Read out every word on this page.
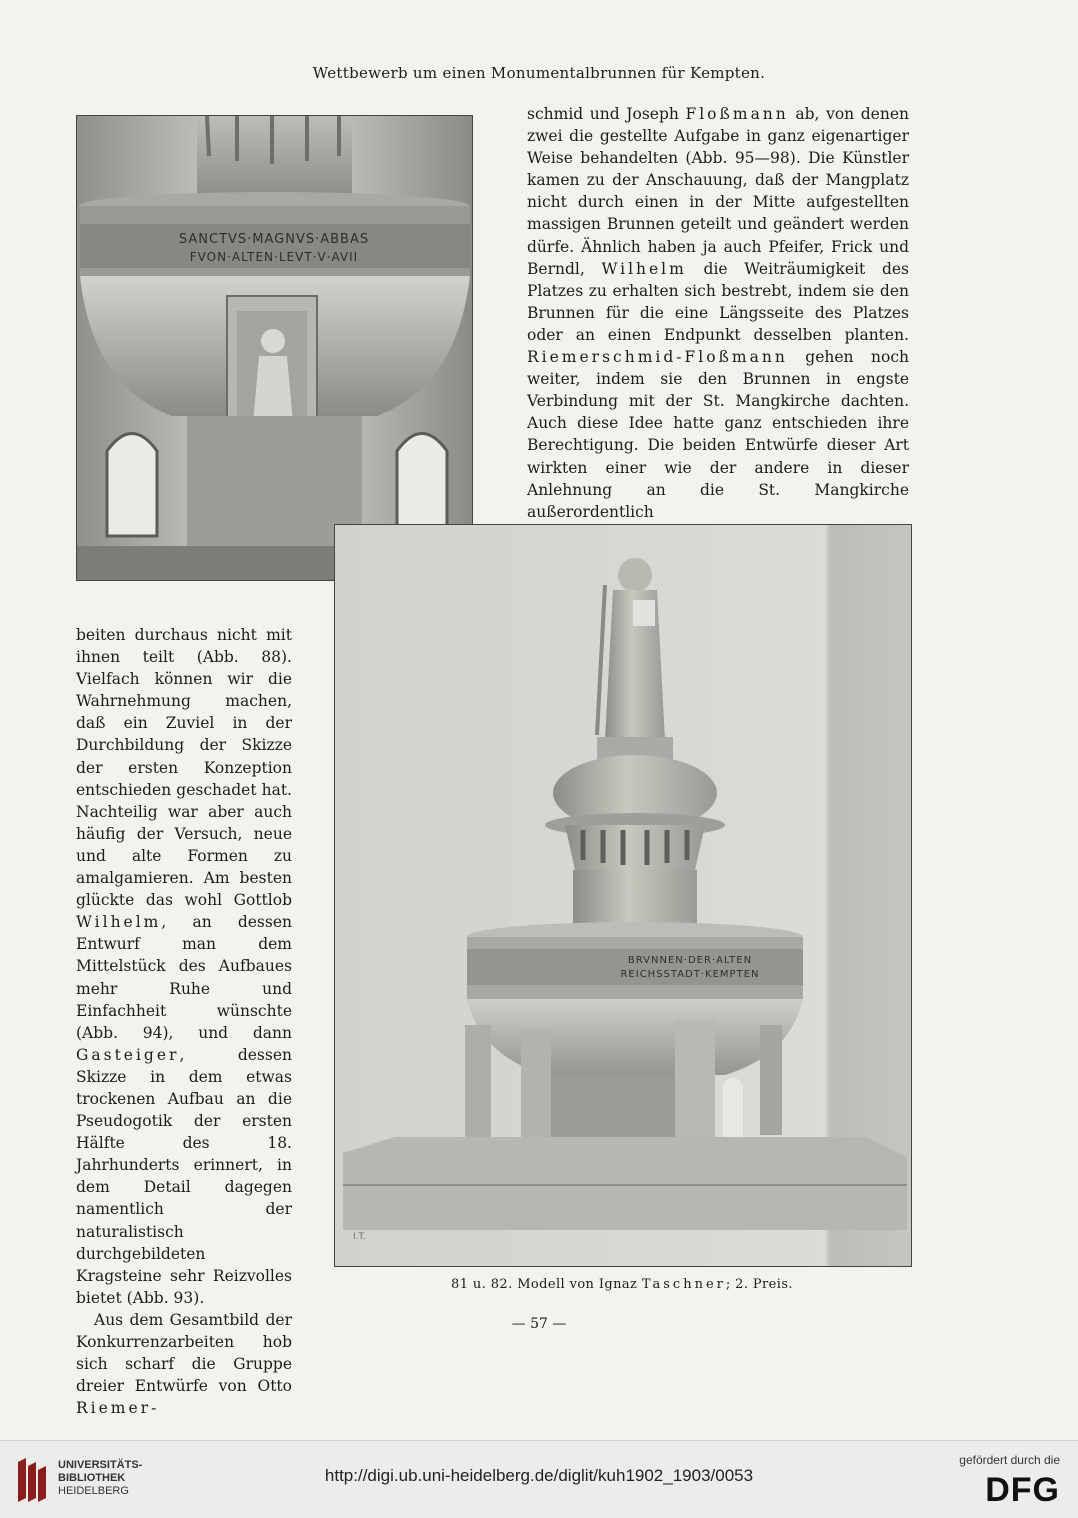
Wettbewerb um einen Monumentalbrunnen für Kempten.
SANCTVS·MAGNVS·ABBAS
FVON·ALTEN·LEVT·V·AVII

schmid und Joseph Floßmann ab, von denen zwei die gestellte Aufgabe in ganz eigenartiger Weise behandelten (Abb. 95—98). Die Künstler kamen zu der Anschauung, daß der Mangplatz nicht durch einen in der Mitte aufgestellten massigen Brunnen geteilt und geändert werden dürfe. Ähnlich haben ja auch Pfeifer, Frick und Berndl, Wilhelm die Weiträumigkeit des Platzes zu erhalten sich bestrebt, indem sie den Brunnen für die eine Längsseite des Platzes oder an einen Endpunkt desselben planten. Riemerschmid-Floßmann gehen noch weiter, indem sie den Brunnen in engste Verbindung mit der St. Mangkirche dachten. Auch diese Idee hatte ganz entschieden ihre Berechtigung. Die beiden Entwürfe dieser Art wirkten einer wie der andere in dieser Anlehnung an die St. Mangkirche außerordentlich

BRVNNEN·DER·ALTEN
REICHSSTADT·KEMPTEN
I.T.

beiten durchaus nicht mit ihnen teilt (Abb. 88). Vielfach können wir die Wahrnehmung machen, daß ein Zuviel in der Durchbildung der Skizze der ersten Konzeption entschieden geschadet hat. Nachteilig war aber auch häufig der Versuch, neue und alte Formen zu amalgamieren. Am besten glückte das wohl Gottlob Wilhelm, an dessen Entwurf man dem Mittelstück des Aufbaues mehr Ruhe und Einfachheit wünschte (Abb. 94), und dann Gasteiger, dessen Skizze in dem etwas trockenen Aufbau an die Pseudogotik der ersten Hälfte des 18. Jahrhunderts erinnert, in dem Detail dagegen namentlich der naturalistisch durchgebildeten Kragsteine sehr Reizvolles bietet (Abb. 93).

Aus dem Gesamtbild der Konkurrenzarbeiten hob sich scharf die Gruppe dreier Entwürfe von Otto Riemer-

81 u. 82. Modell von Ignaz Taschner; 2. Preis.
— 57 —
UNIVERSITÄTS-
BIBLIOTHEK
HEIDELBERG
http://digi.ub.uni-heidelberg.de/diglit/kuh1902_1903/0053
gefördert durch die
DFG
